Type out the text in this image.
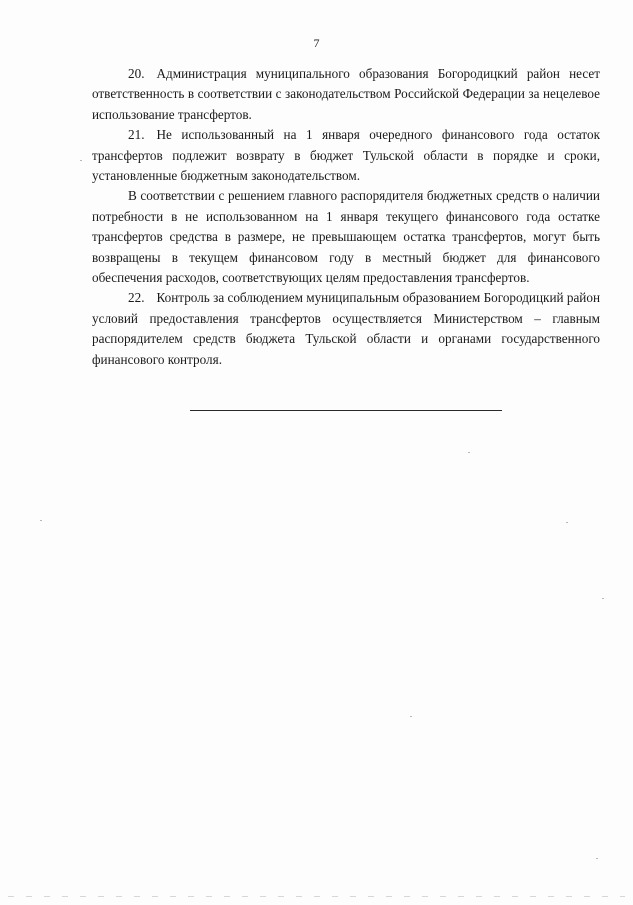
7

20. Администрация муниципального образования Богородицкий район несет ответственность в соответствии с законодательством Российской Федерации за нецелевое использование трансфертов.

21. Не использованный на 1 января очередного финансового года остаток трансфертов подлежит возврату в бюджет Тульской области в порядке и сроки, установленные бюджетным законодательством.

В соответствии с решением главного распорядителя бюджетных средств о наличии потребности в не использованном на 1 января текущего финансового года остатке трансфертов средства в размере, не превышающем остатка трансфертов, могут быть возвращены в текущем финансовом году в местный бюджет для финансового обеспечения расходов, соответствующих целям предоставления трансфертов.

22. Контроль за соблюдением муниципальным образованием Богородицкий район условий предоставления трансфертов осуществляется Министерством – главным распорядителем средств бюджета Тульской области и органами государственного финансового контроля.
